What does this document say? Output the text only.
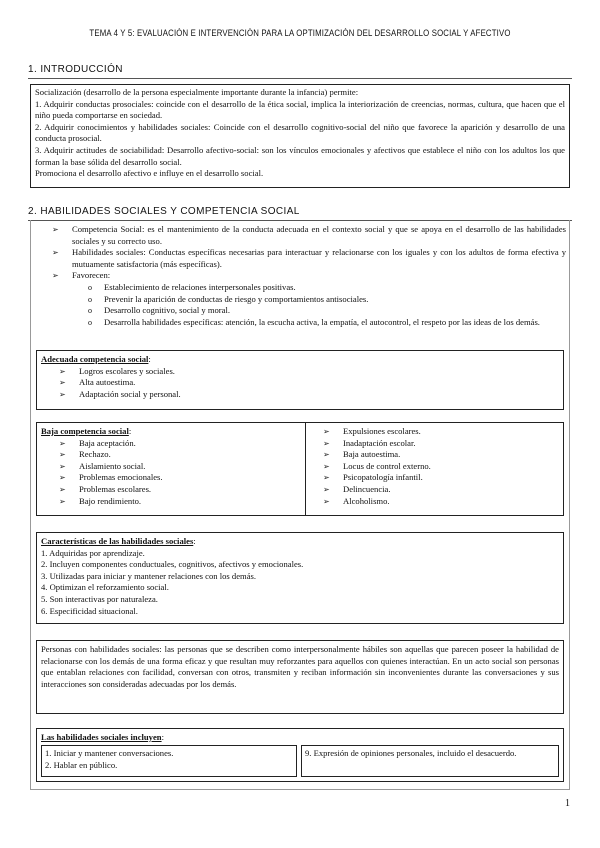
TEMA 4 Y 5: EVALUACIÓN E INTERVENCIÓN PARA LA OPTIMIZACIÓN DEL DESARROLLO SOCIAL Y AFECTIVO
1. INTRODUCCIÓN

Socialización (desarrollo de la persona especialmente importante durante la infancia) permite:

1. Adquirir conductas prosociales: coincide con el desarrollo de la ética social, implica la interiorización de creencias, normas, cultura, que hacen que el niño pueda comportarse en sociedad.

2. Adquirir conocimientos y habilidades sociales: Coincide con el desarrollo cognitivo-social del niño que favorece la aparición y desarrollo de una conducta prosocial.

3. Adquirir actitudes de sociabilidad: Desarrollo afectivo-social: son los vínculos emocionales y afectivos que establece el niño con los adultos los que forman la base sólida del desarrollo social.

Promociona el desarrollo afectivo e influye en el desarrollo social.

2. HABILIDADES SOCIALES Y COMPETENCIA SOCIAL
➢ Competencia Social: es el mantenimiento de la conducta adecuada en el contexto social y que se apoya en el desarrollo de las habilidades sociales y su correcto uso.
➢ Habilidades sociales: Conductas específicas necesarias para interactuar y relacionarse con los iguales y con los adultos de forma efectiva y mutuamente satisfactoria (más específicas).
➢ Favorecen:
o Establecimiento de relaciones interpersonales positivas.
o Prevenir la aparición de conductas de riesgo y comportamientos antisociales.
o Desarrollo cognitivo, social y moral.
o Desarrolla habilidades específicas: atención, la escucha activa, la empatía, el autocontrol, el respeto por las ideas de los demás.

Adecuada competencia social:

➢ Logros escolares y sociales.
➢ Alta autoestima.
➢ Adaptación social y personal.

Baja competencia social:

➢ Baja aceptación.
➢ Rechazo.
➢ Aislamiento social.
➢ Problemas emocionales.
➢ Problemas escolares.
➢ Bajo rendimiento.
➢ Expulsiones escolares.
➢ Inadaptación escolar.
➢ Baja autoestima.
➢ Locus de control externo.
➢ Psicopatología infantil.
➢ Delincuencia.
➢ Alcoholismo.

Características de las habilidades sociales:

1. Adquiridas por aprendizaje.

2. Incluyen componentes conductuales, cognitivos, afectivos y emocionales.

3. Utilizadas para iniciar y mantener relaciones con los demás.

4. Optimizan el reforzamiento social.

5. Son interactivas por naturaleza.

6. Especificidad situacional.

Personas con habilidades sociales: las personas que se describen como interpersonalmente hábiles son aquellas que parecen poseer la habilidad de relacionarse con los demás de una forma eficaz y que resultan muy reforzantes para aquellos con quienes interactúan. En un acto social son personas que entablan relaciones con facilidad, conversan con otros, transmiten y reciban información sin inconvenientes durante las conversaciones y sus interacciones son consideradas adecuadas por los demás.

Las habilidades sociales incluyen:

1. Iniciar y mantener conversaciones.

2. Hablar en público.

9. Expresión de opiniones personales, incluido el desacuerdo.

1
